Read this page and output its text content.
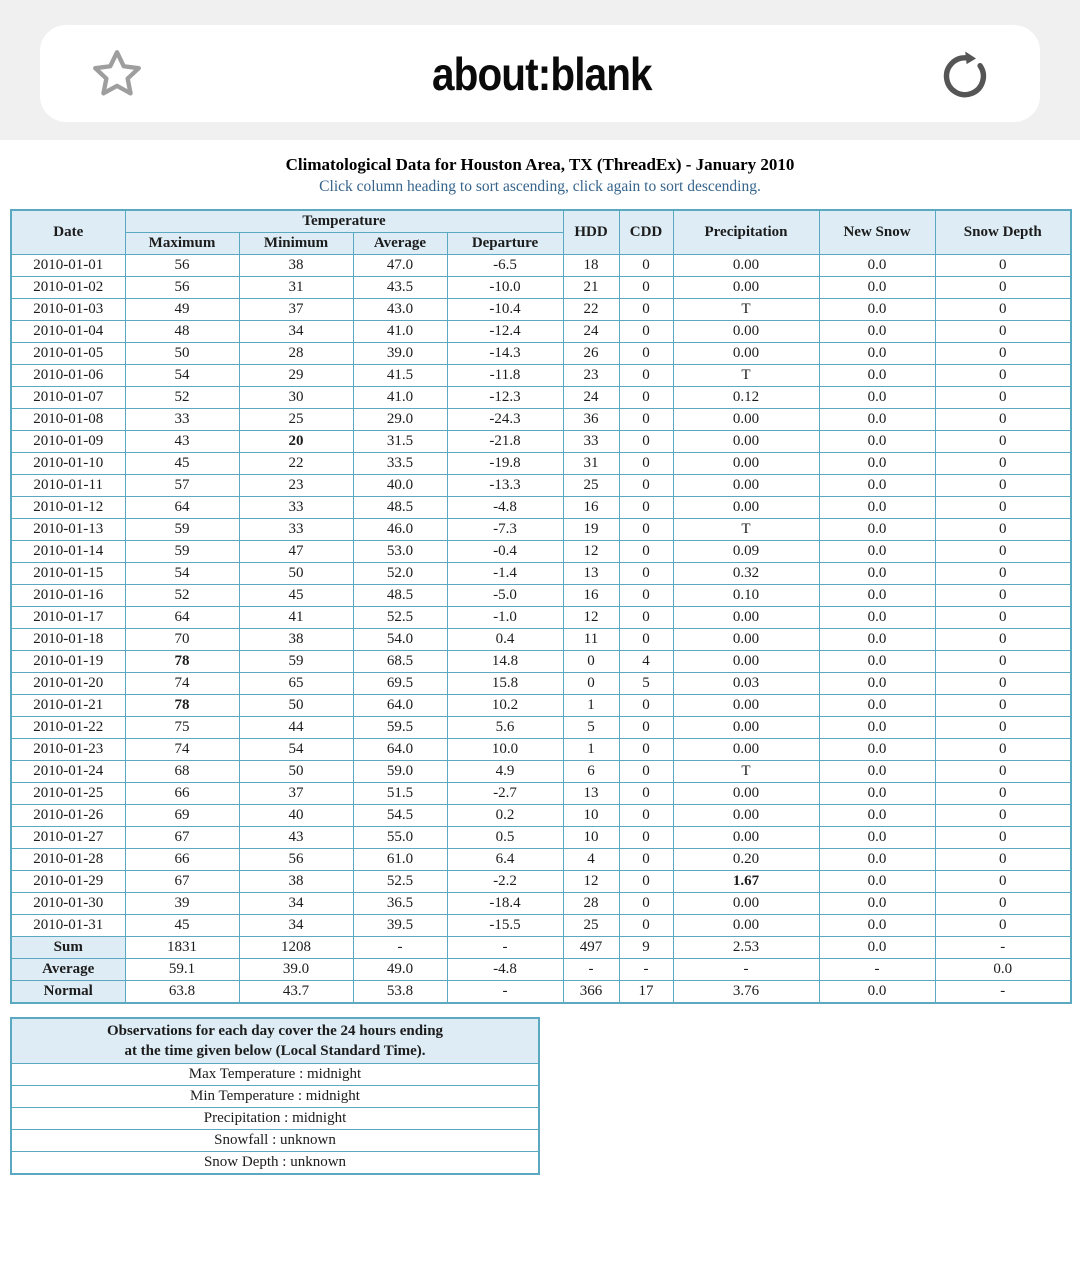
about:blank
Climatological Data for Houston Area, TX (ThreadEx) - January 2010
Click column heading to sort ascending, click again to sort descending.
Date	Temperature				HDD	CDD	Precipitation	New Snow	Snow Depth
	Maximum	Minimum	Average	Departure					
2010-01-01	56	38	47.0	-6.5	18	0	0.00	0.0	0
2010-01-02	56	31	43.5	-10.0	21	0	0.00	0.0	0
2010-01-03	49	37	43.0	-10.4	22	0	T	0.0	0
2010-01-04	48	34	41.0	-12.4	24	0	0.00	0.0	0
2010-01-05	50	28	39.0	-14.3	26	0	0.00	0.0	0
2010-01-06	54	29	41.5	-11.8	23	0	T	0.0	0
2010-01-07	52	30	41.0	-12.3	24	0	0.12	0.0	0
2010-01-08	33	25	29.0	-24.3	36	0	0.00	0.0	0
2010-01-09	43	20	31.5	-21.8	33	0	0.00	0.0	0
2010-01-10	45	22	33.5	-19.8	31	0	0.00	0.0	0
2010-01-11	57	23	40.0	-13.3	25	0	0.00	0.0	0
2010-01-12	64	33	48.5	-4.8	16	0	0.00	0.0	0
2010-01-13	59	33	46.0	-7.3	19	0	T	0.0	0
2010-01-14	59	47	53.0	-0.4	12	0	0.09	0.0	0
2010-01-15	54	50	52.0	-1.4	13	0	0.32	0.0	0
2010-01-16	52	45	48.5	-5.0	16	0	0.10	0.0	0
2010-01-17	64	41	52.5	-1.0	12	0	0.00	0.0	0
2010-01-18	70	38	54.0	0.4	11	0	0.00	0.0	0
2010-01-19	78	59	68.5	14.8	0	4	0.00	0.0	0
2010-01-20	74	65	69.5	15.8	0	5	0.03	0.0	0
2010-01-21	78	50	64.0	10.2	1	0	0.00	0.0	0
2010-01-22	75	44	59.5	5.6	5	0	0.00	0.0	0
2010-01-23	74	54	64.0	10.0	1	0	0.00	0.0	0
2010-01-24	68	50	59.0	4.9	6	0	T	0.0	0
2010-01-25	66	37	51.5	-2.7	13	0	0.00	0.0	0
2010-01-26	69	40	54.5	0.2	10	0	0.00	0.0	0
2010-01-27	67	43	55.0	0.5	10	0	0.00	0.0	0
2010-01-28	66	56	61.0	6.4	4	0	0.20	0.0	0
2010-01-29	67	38	52.5	-2.2	12	0	1.67	0.0	0
2010-01-30	39	34	36.5	-18.4	28	0	0.00	0.0	0
2010-01-31	45	34	39.5	-15.5	25	0	0.00	0.0	0
Sum	1831	1208	-	-	497	9	2.53	0.0	-
Average	59.1	39.0	49.0	-4.8	-	-	-	-	0.0
Normal	63.8	43.7	53.8	-	366	17	3.76	0.0	-
Observations for each day cover the 24 hours ending
at the time given below (Local Standard Time).
Max Temperature : midnight
Min Temperature : midnight
Precipitation : midnight
Snowfall : unknown
Snow Depth : unknown
